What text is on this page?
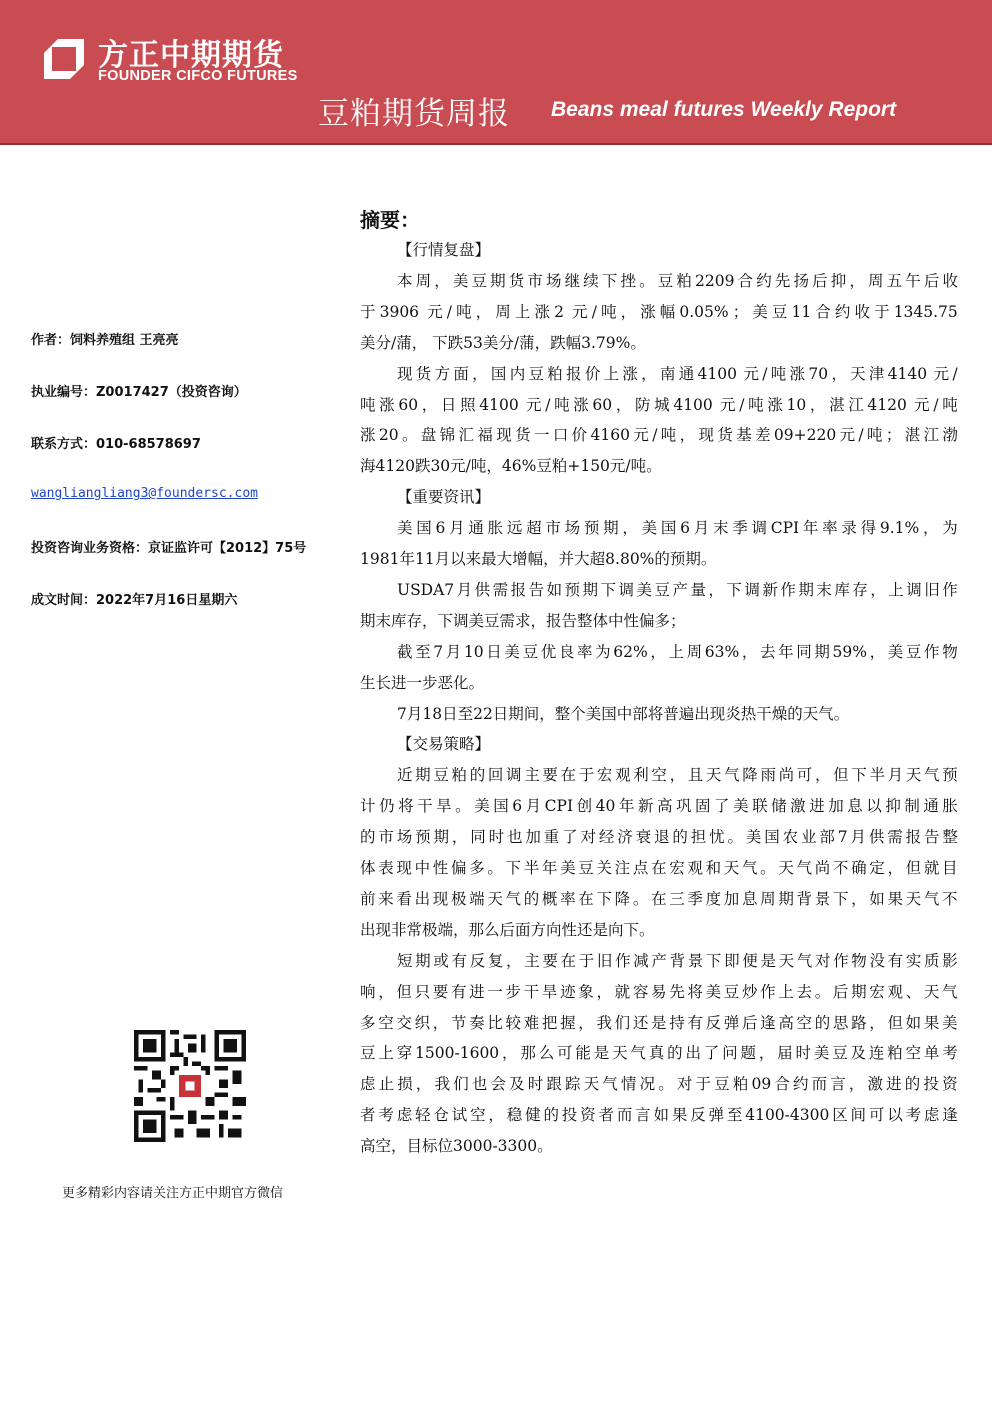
方正中期期货
FOUNDER CIFCO FUTURES
豆粕期货周报 Beans meal futures Weekly Report
作者：饲料养殖组 王亮亮
执业编号：Z0017427（投资咨询）
联系方式：010-68578697
wangliangliang3@foundersc.com
投资咨询业务资格：京证监许可【2012】75号
成文时间：2022年7月16日星期六
更多精彩内容请关注方正中期官方微信
摘要：
【行情复盘】
本 周 ， 美 豆 期 货 市 场 继 续 下 挫 。 豆 粕 2209 合 约 先 扬 后 抑 ， 周 五 午 后 收
于 3906 元 / 吨 ， 周 上 涨 2 元 / 吨 ， 涨 幅 0.05% ； 美 豆 11 合 约 收 于 1345.75
美分/蒲， 下跌53美分/蒲，跌幅3.79%。
现 货 方 面 ， 国 内 豆 粕 报 价 上 涨 ， 南 通 4100 元 / 吨 涨 70 ， 天 津 4140 元 /
吨 涨 60 ， 日 照 4100 元 / 吨 涨 60 ， 防 城 4100 元 / 吨 涨 10 ， 湛 江 4120 元 / 吨
涨 20 。 盘 锦 汇 福 现 货 一 口 价 4160 元 / 吨 ， 现 货 基 差 09+220 元 / 吨 ； 湛 江 渤
海4120跌30元/吨，46%豆粕+150元/吨。
【重要资讯】
美 国 6 月 通 胀 远 超 市 场 预 期 ， 美 国 6 月 末 季 调 CPI 年 率 录 得 9.1% ， 为
1981年11月以来最大增幅，并大超8.80%的预期。
USDA7 月 供 需 报 告 如 预 期 下 调 美 豆 产 量 ， 下 调 新 作 期 末 库 存 ， 上 调 旧 作
期末库存，下调美豆需求，报告整体中性偏多；
截 至 7 月 10 日 美 豆 优 良 率 为 62% ， 上 周 63% ， 去 年 同 期 59% ， 美 豆 作 物
生长进一步恶化。
7月18日至22日期间，整个美国中部将普遍出现炎热干燥的天气。
【交易策略】
近 期 豆 粕 的 回 调 主 要 在 于 宏 观 利 空 ， 且 天 气 降 雨 尚 可 ， 但 下 半 月 天 气 预
计 仍 将 干 旱 。 美 国 6 月 CPI 创 40 年 新 高 巩 固 了 美 联 储 激 进 加 息 以 抑 制 通 胀
的 市 场 预 期 ， 同 时 也 加 重 了 对 经 济 衰 退 的 担 忧 。 美 国 农 业 部 7 月 供 需 报 告 整
体 表 现 中 性 偏 多 。 下 半 年 美 豆 关 注 点 在 宏 观 和 天 气 。 天 气 尚 不 确 定 ， 但 就 目
前 来 看 出 现 极 端 天 气 的 概 率 在 下 降 。 在 三 季 度 加 息 周 期 背 景 下 ， 如 果 天 气 不
出现非常极端，那么后面方向性还是向下。
短 期 或 有 反 复 ， 主 要 在 于 旧 作 减 产 背 景 下 即 便 是 天 气 对 作 物 没 有 实 质 影
响 ， 但 只 要 有 进 一 步 干 旱 迹 象 ， 就 容 易 先 将 美 豆 炒 作 上 去 。 后 期 宏 观 、 天 气
多 空 交 织 ， 节 奏 比 较 难 把 握 ， 我 们 还 是 持 有 反 弹 后 逢 高 空 的 思 路 ， 但 如 果 美
豆 上 穿 1500-1600 ， 那 么 可 能 是 天 气 真 的 出 了 问 题 ， 届 时 美 豆 及 连 粕 空 单 考
虑 止 损 ， 我 们 也 会 及 时 跟 踪 天 气 情 况 。 对 于 豆 粕 09 合 约 而 言 ， 激 进 的 投 资
者 考 虑 轻 仓 试 空 ， 稳 健 的 投 资 者 而 言 如 果 反 弹 至 4100-4300 区 间 可 以 考 虑 逢
高空，目标位3000-3300。
